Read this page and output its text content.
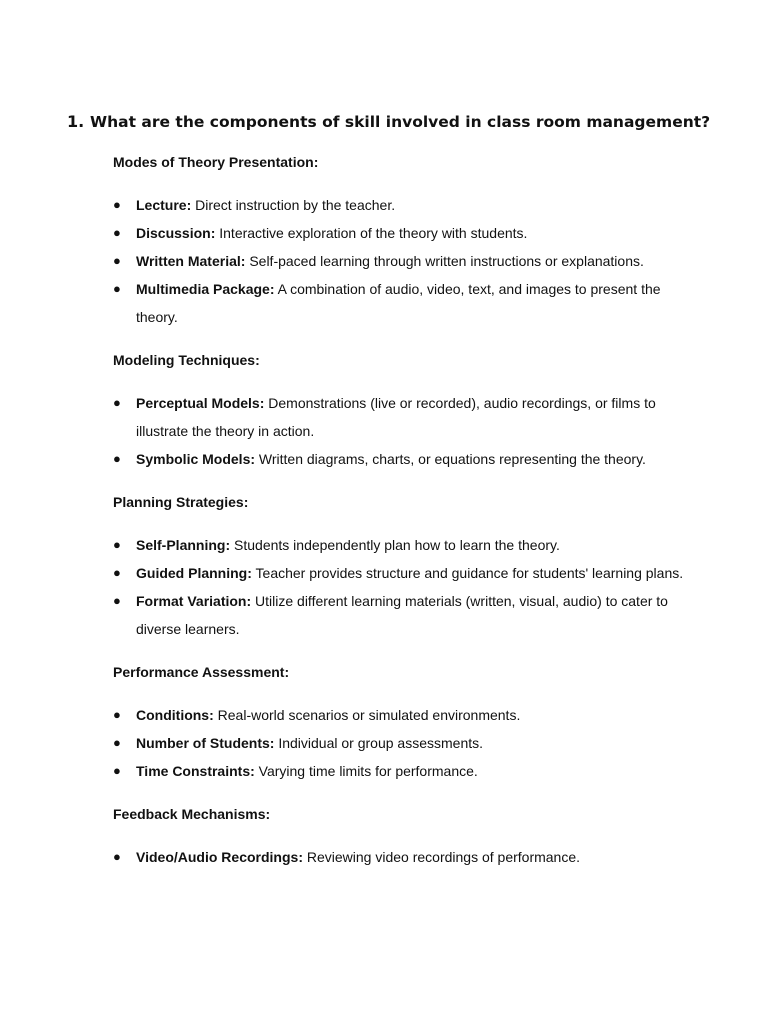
1. What are the components of skill involved in class room management?
Modes of Theory Presentation:
●	Lecture: Direct instruction by the teacher.
●	Discussion: Interactive exploration of the theory with students.
●	Written Material: Self-paced learning through written instructions or explanations.
●	Multimedia Package: A combination of audio, video, text, and images to present the theory.
Modeling Techniques:
●	Perceptual Models: Demonstrations (live or recorded), audio recordings, or films to illustrate the theory in action.
●	Symbolic Models: Written diagrams, charts, or equations representing the theory.
Planning Strategies:
●	Self-Planning: Students independently plan how to learn the theory.
●	Guided Planning: Teacher provides structure and guidance for students' learning plans.
●	Format Variation: Utilize different learning materials (written, visual, audio) to cater to diverse learners.
Performance Assessment:
●	Conditions: Real-world scenarios or simulated environments.
●	Number of Students: Individual or group assessments.
●	Time Constraints: Varying time limits for performance.
Feedback Mechanisms:
●	Video/Audio Recordings: Reviewing video recordings of performance.
